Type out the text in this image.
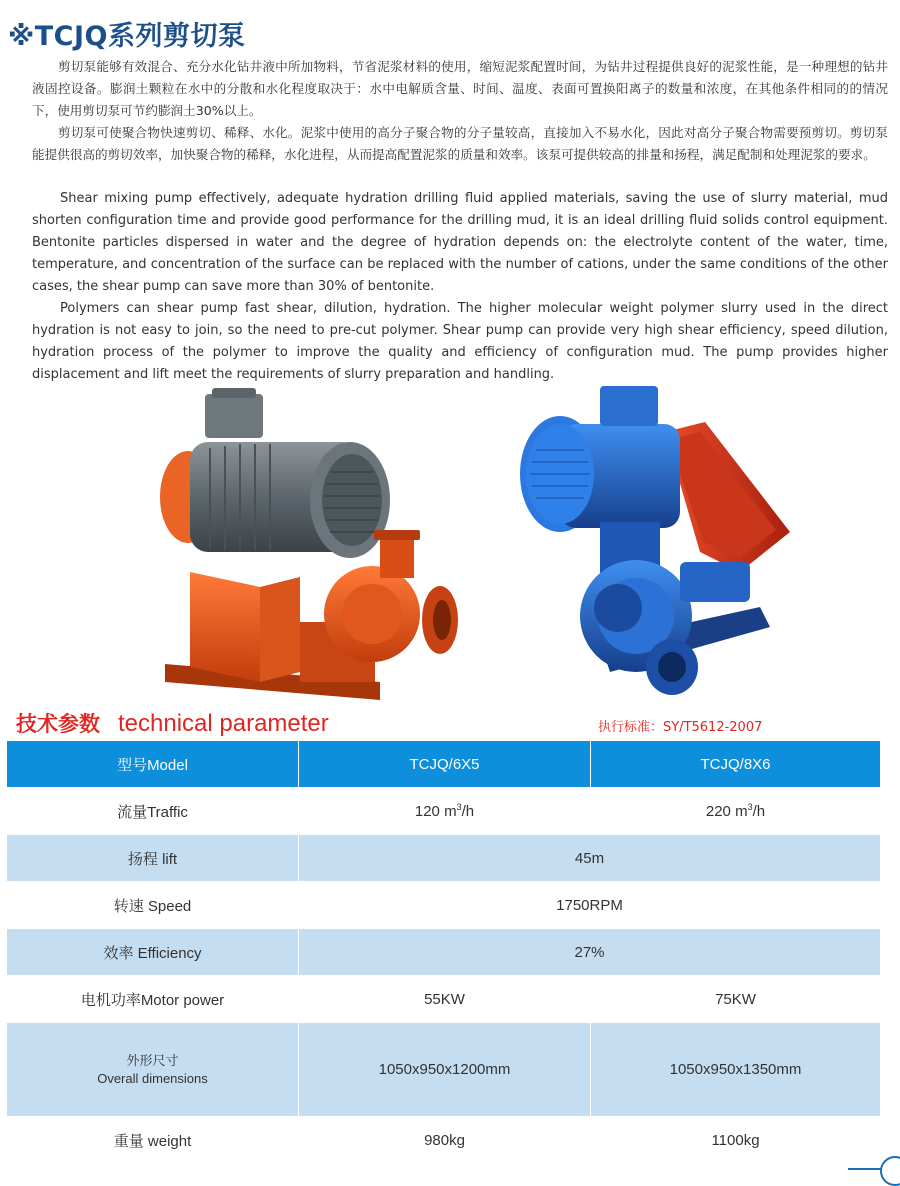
※TCJQ系列剪切泵
剪切泵能够有效混合、充分水化钻井液中所加物料，节省泥浆材料的使用，缩短泥浆配置时间，为钻井过程提供良好的泥浆性能，是一种理想的钻井液固控设备。膨润土颗粒在水中的分散和水化程度取决于：水中电解质含量、时间、温度、表面可置换阳离子的数量和浓度，在其他条件相同的的情况下，使用剪切泵可节约膨润土30%以上。
剪切泵可使聚合物快速剪切、稀释、水化。泥浆中使用的高分子聚合物的分子量较高，直接加入不易水化，因此对高分子聚合物需要预剪切。剪切泵能提供很高的剪切效率，加快聚合物的稀释，水化进程，从而提高配置泥浆的质量和效率。该泵可提供较高的排量和扬程，满足配制和处理泥浆的要求。
Shear mixing pump effectively, adequate hydration drilling fluid applied materials, saving the use of slurry material, mud shorten configuration time and provide good performance for the drilling mud, it is an ideal drilling fluid solids control equipment. Bentonite particles dispersed in water and the degree of hydration depends on: the electrolyte content of the water, time, temperature, and concentration of the surface can be replaced with the number of cations, under the same conditions of the other cases, the shear pump can save more than 30% of bentonite.
Polymers can shear pump fast shear, dilution, hydration. The higher molecular weight polymer slurry used in the direct hydration is not easy to join, so the need to pre-cut polymer. Shear pump can provide very high shear efficiency, speed dilution, hydration process of the polymer to improve the quality and efficiency of configuration mud. The pump provides higher displacement and lift meet the requirements of slurry preparation and handling.
技术参数 technical parameter	执行标准：SY/T5612-2007
型号Model	TCJQ/6X5	TCJQ/8X6
流量Traffic	120 $m^3/h$	220 $m^3/h$
扬程 lift	45m	
转速 Speed	1750RPM	
效率 Efficiency	27%	
电机功率Motor power	55KW	75KW

外形尺寸
Overall dimensions	1050x950x1200mm	1050x950x1350mm
重量 weight	980kg	1100kg
